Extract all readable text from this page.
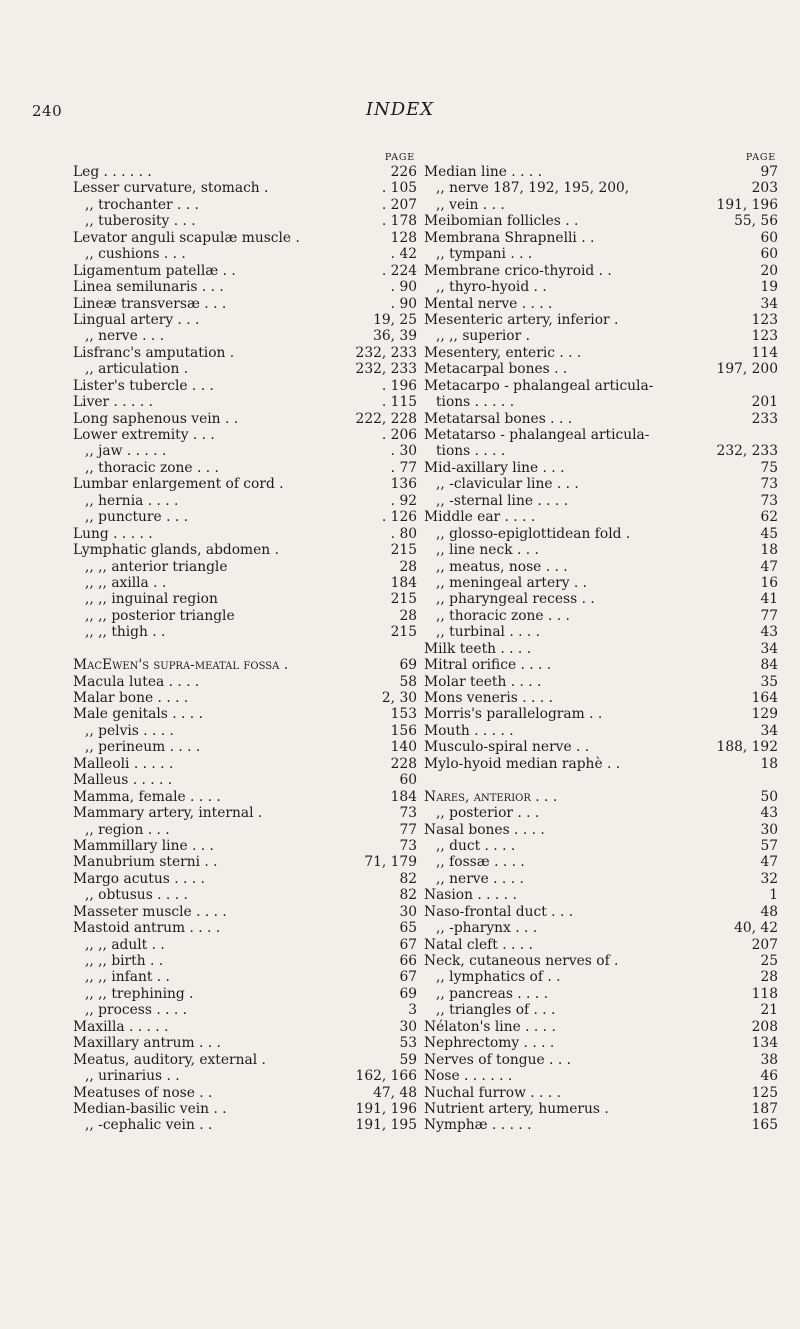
240	INDEX
PAGE
Leg . . . . . .	226
Lesser curvature, stomach .	. 105
,, trochanter . . .	. 207
,, tuberosity . . .	. 178
Levator anguli scapulæ muscle .	128
,, cushions . . .	. 42
Ligamentum patellæ . .	. 224
Linea semilunaris . . .	. 90
Lineæ transversæ . . .	. 90
Lingual artery . . .	19, 25
,, nerve . . .	36, 39
Lisfranc's amputation .	232, 233
,, articulation .	232, 233
Lister's tubercle . . .	. 196
Liver . . . . .	. 115
Long saphenous vein . .	222, 228
Lower extremity . . .	. 206
,, jaw . . . . .	. 30
,, thoracic zone . . .	. 77
Lumbar enlargement of cord .	136
,, hernia . . . .	. 92
,, puncture . . .	. 126
Lung . . . . .	. 80
Lymphatic glands, abdomen .	215
,, ,, anterior triangle	28
,, ,, axilla . .	184
,, ,, inguinal region	215
,, ,, posterior triangle	28
,, ,, thigh . .	215
MacEwen's supra-meatal fossa .	69
Macula lutea . . . .	58
Malar bone . . . .	2, 30
Male genitals . . . .	153
,, pelvis . . . .	156
,, perineum . . . .	140
Malleoli . . . . .	228
Malleus . . . . .	60
Mamma, female . . . .	184
Mammary artery, internal .	73
,, region . . .	77
Mammillary line . . .	73
Manubrium sterni . .	71, 179
Margo acutus . . . .	82
,, obtusus . . . .	82
Masseter muscle . . . .	30
Mastoid antrum . . . .	65
,, ,, adult . .	67
,, ,, birth . .	66
,, ,, infant . .	67
,, ,, trephining .	69
,, process . . . .	3
Maxilla . . . . .	30
Maxillary antrum . . .	53
Meatus, auditory, external .	59
,, urinarius . .	162, 166
Meatuses of nose . .	47, 48
Median-basilic vein . .	191, 196
,, -cephalic vein . .	191, 195
PAGE
Median line . . . .	97
,, nerve 187, 192, 195, 200,	203
,, vein . . .	191, 196
Meibomian follicles . .	55, 56
Membrana Shrapnelli . .	60
,, tympani . . .	60
Membrane crico-thyroid . .	20
,, thyro-hyoid . .	19
Mental nerve . . . .	34
Mesenteric artery, inferior .	123
,, ,, superior .	123
Mesentery, enteric . . .	114
Metacarpal bones . .	197, 200
Metacarpo - phalangeal articula-
tions . . . . .	201
Metatarsal bones . . .	233
Metatarso - phalangeal articula-
tions . . . .	232, 233
Mid-axillary line . . .	75
,, -clavicular line . . .	73
,, -sternal line . . . .	73
Middle ear . . . .	62
,, glosso-epiglottidean fold .	45
,, line neck . . .	18
,, meatus, nose . . .	47
,, meningeal artery . .	16
,, pharyngeal recess . .	41
,, thoracic zone . . .	77
,, turbinal . . . .	43
Milk teeth . . . .	34
Mitral orifice . . . .	84
Molar teeth . . . .	35
Mons veneris . . . .	164
Morris's parallelogram . .	129
Mouth . . . . .	34
Musculo-spiral nerve . .	188, 192
Mylo-hyoid median raphè . .	18
Nares, anterior . . .	50
,, posterior . . .	43
Nasal bones . . . .	30
,, duct . . . .	57
,, fossæ . . . .	47
,, nerve . . . .	32
Nasion . . . . .	1
Naso-frontal duct . . .	48
,, -pharynx . . .	40, 42
Natal cleft . . . .	207
Neck, cutaneous nerves of .	25
,, lymphatics of . .	28
,, pancreas . . . .	118
,, triangles of . . .	21
Nélaton's line . . . .	208
Nephrectomy . . . .	134
Nerves of tongue . . .	38
Nose . . . . . .	46
Nuchal furrow . . . .	125
Nutrient artery, humerus .	187
Nymphæ . . . . .	165
